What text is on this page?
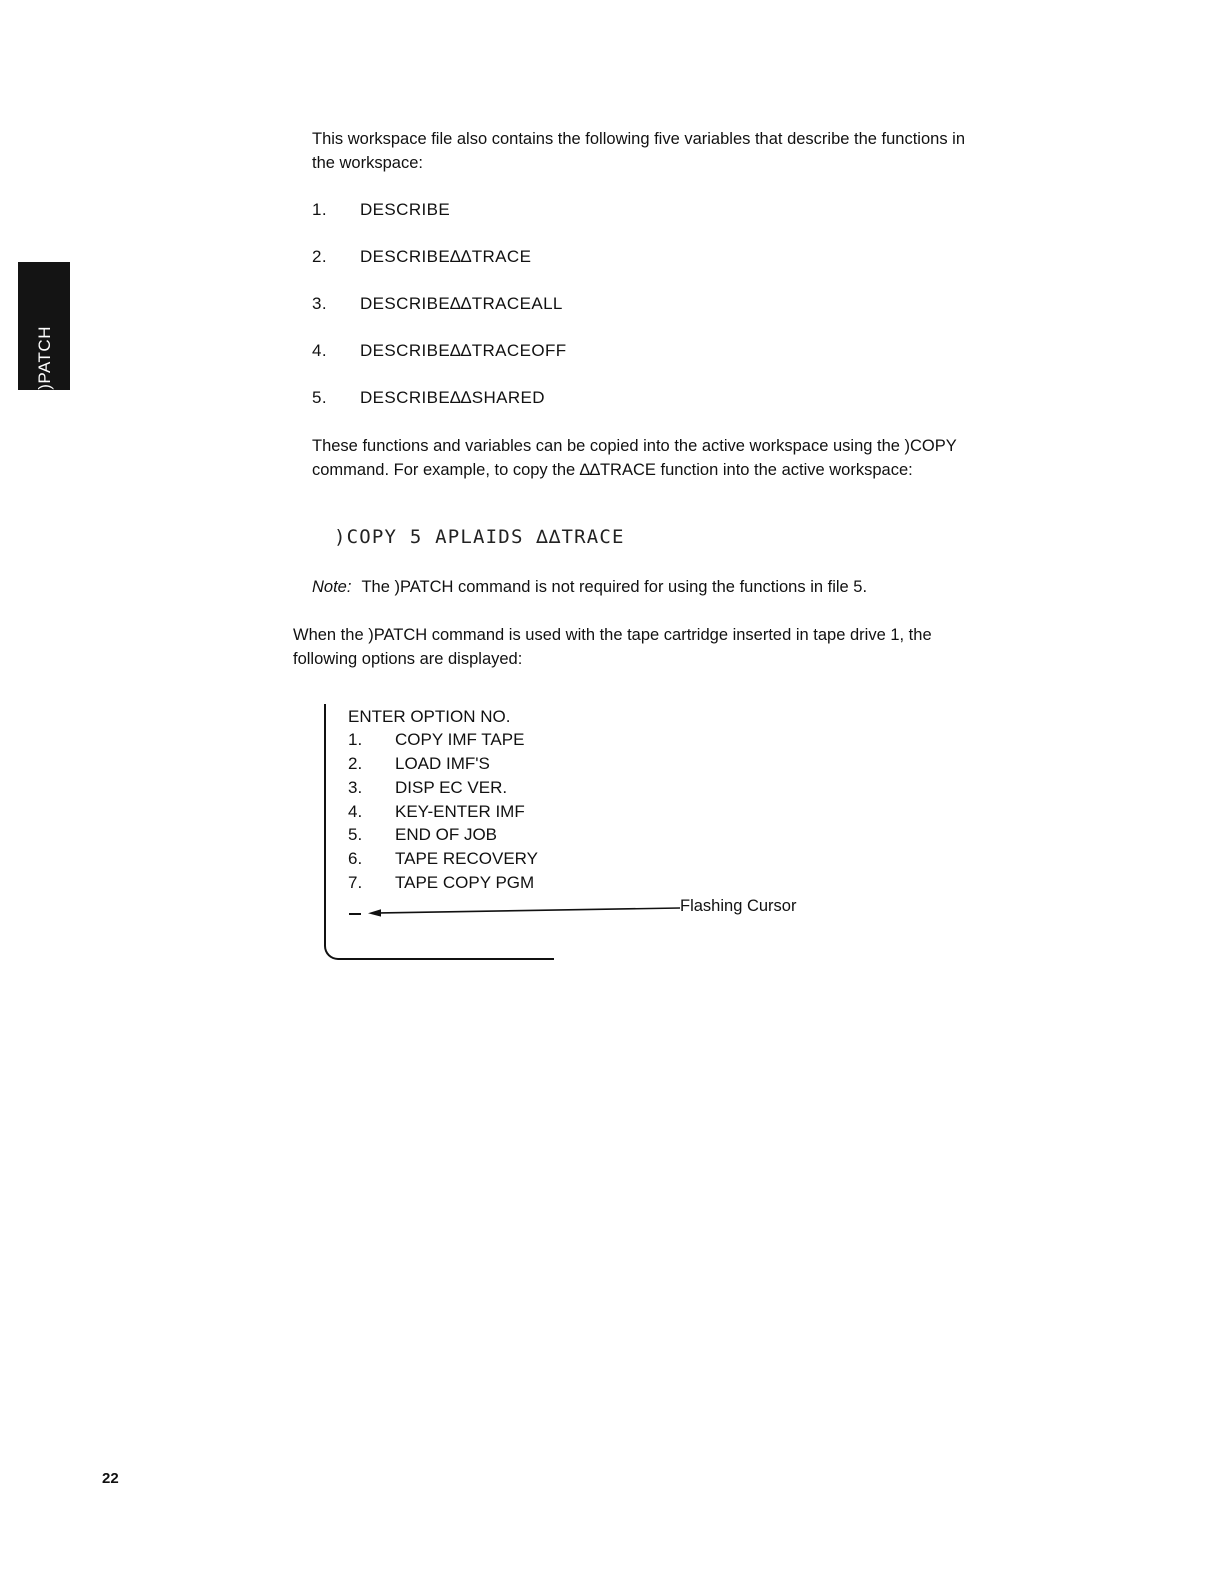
)PATCH

This workspace file also contains the following five variables that describe the functions in the workspace:

1. DESCRIBE
2. DESCRIBE∆∆TRACE
3. DESCRIBE∆∆TRACEALL
4. DESCRIBE∆∆TRACEOFF
5. DESCRIBE∆∆SHARED

These functions and variables can be copied into the active workspace using the )COPY command. For example, to copy the ∆∆TRACE function into the active workspace:

)COPY 5 APLAIDS ∆∆TRACE
Note: The )PATCH command is not required for using the functions in file 5.

When the )PATCH command is used with the tape cartridge inserted in tape drive 1, the following options are displayed:

ENTER OPTION NO.
1. COPY IMF TAPE
2. LOAD IMF'S
3. DISP EC VER.
4. KEY-ENTER IMF
5. END OF JOB
6. TAPE RECOVERY
7. TAPE COPY PGM
Flashing Cursor
22
